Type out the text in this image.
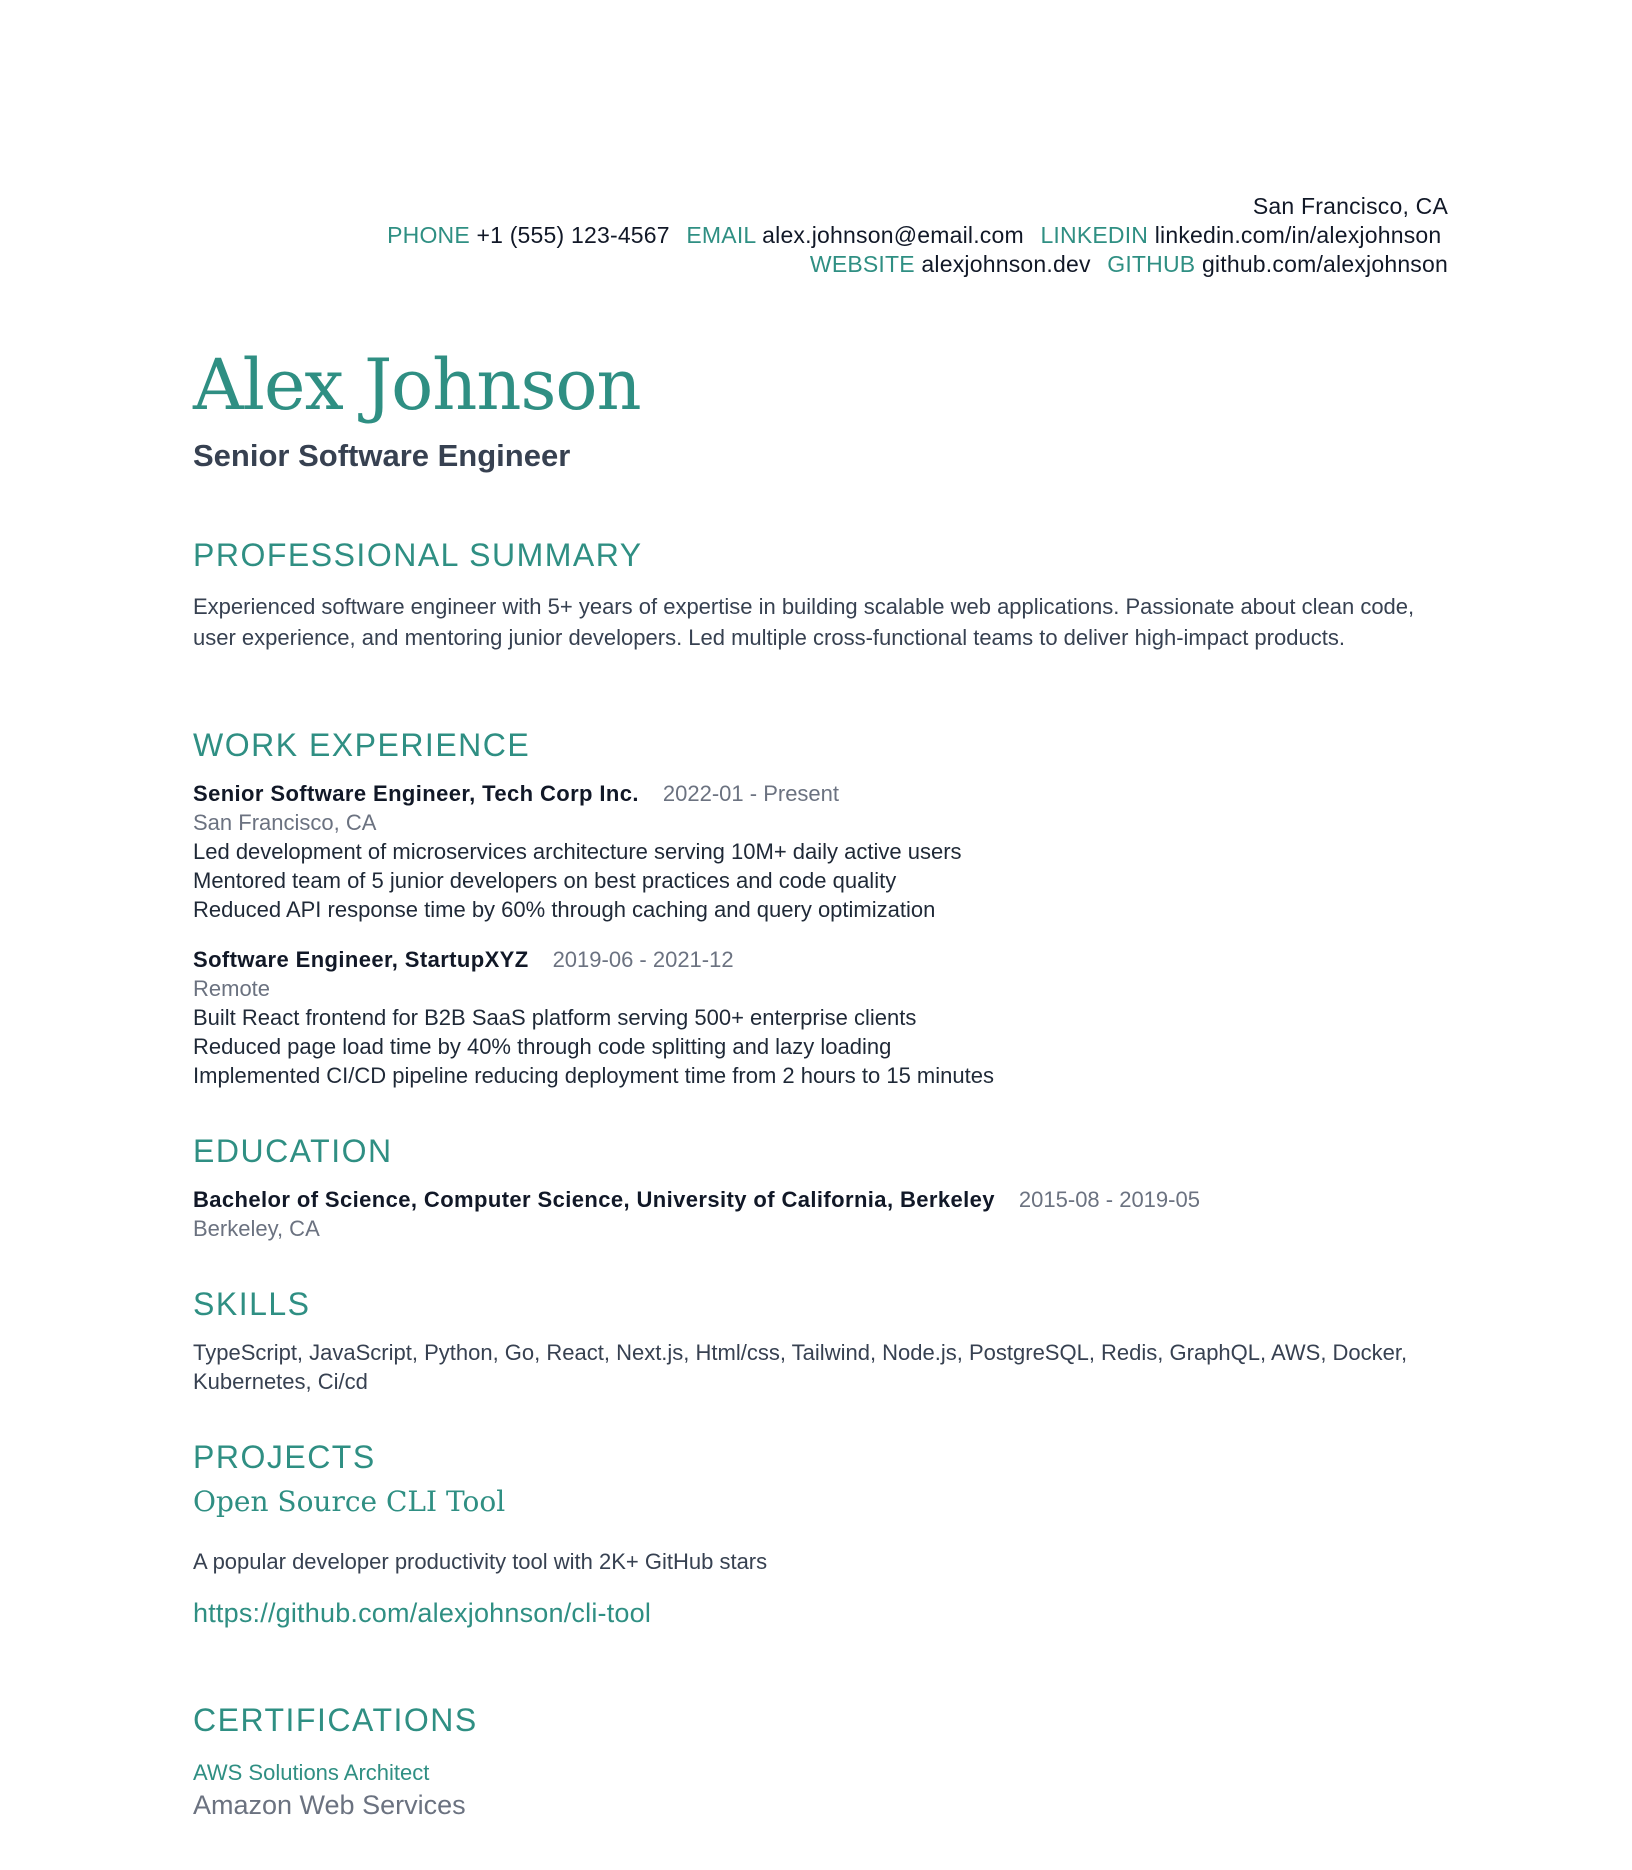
San Francisco, CA
PHONE +1 (555) 123-4567 EMAIL alex.johnson@email.com LINKEDIN linkedin.com/in/alexjohnson
WEBSITE alexjohnson.dev GITHUB github.com/alexjohnson
Alex Johnson
Senior Software Engineer
PROFESSIONAL SUMMARY
Experienced software engineer with 5+ years of expertise in building scalable web applications. Passionate about clean code, user experience, and mentoring junior developers. Led multiple cross-functional teams to deliver high-impact products.
WORK EXPERIENCE
Senior Software Engineer, Tech Corp Inc. 2022-01 - Present
San Francisco, CA
Led development of microservices architecture serving 10M+ daily active users
Mentored team of 5 junior developers on best practices and code quality
Reduced API response time by 60% through caching and query optimization
Software Engineer, StartupXYZ 2019-06 - 2021-12
Remote
Built React frontend for B2B SaaS platform serving 500+ enterprise clients
Reduced page load time by 40% through code splitting and lazy loading
Implemented CI/CD pipeline reducing deployment time from 2 hours to 15 minutes
EDUCATION
Bachelor of Science, Computer Science, University of California, Berkeley 2015-08 - 2019-05
Berkeley, CA
SKILLS
TypeScript, JavaScript, Python, Go, React, Next.js, Html/css, Tailwind, Node.js, PostgreSQL, Redis, GraphQL, AWS, Docker, Kubernetes, Ci/cd
PROJECTS
Open Source CLI Tool
A popular developer productivity tool with 2K+ GitHub stars
https://github.com/alexjohnson/cli-tool
CERTIFICATIONS
AWS Solutions Architect
Amazon Web Services
